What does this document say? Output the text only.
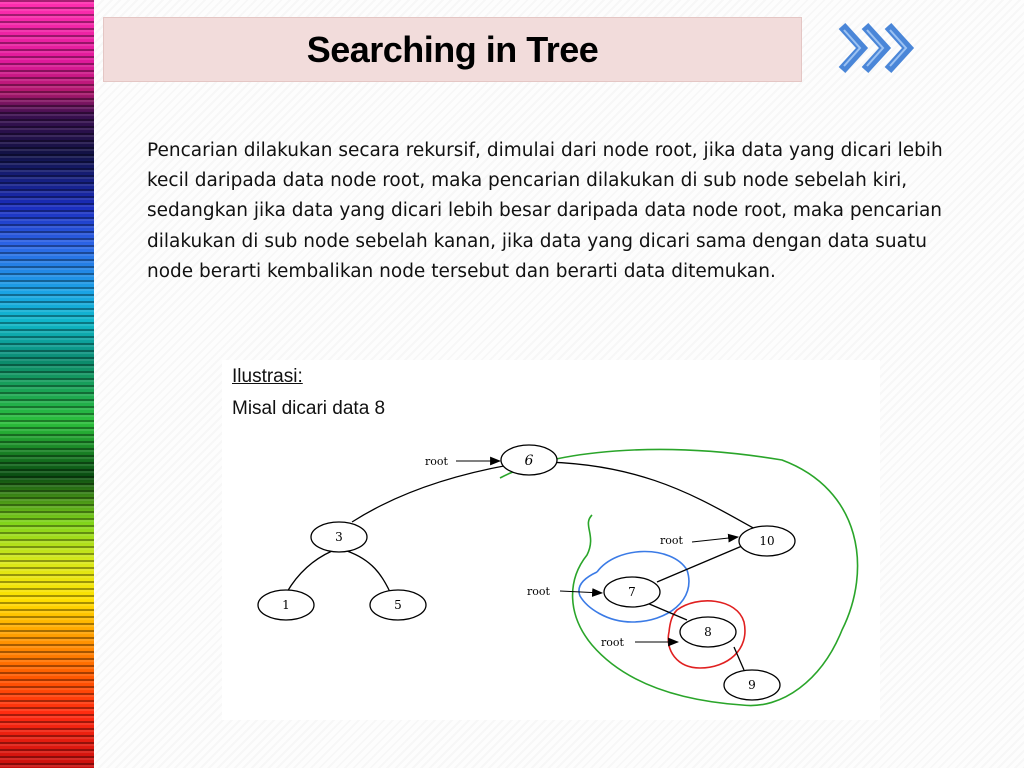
Searching in Tree

Pencarian dilakukan secara rekursif, dimulai dari node root, jika data yang dicari lebih kecil daripada data node root, maka pencarian dilakukan di sub node sebelah kiri, sedangkan jika data yang dicari lebih besar daripada data node root, maka pencarian dilakukan di sub node sebelah kanan, jika data yang dicari sama dengan data suatu node berarti kembalikan node tersebut dan berarti data ditemukan.

Ilustrasi:

Misal dicari data 8

root
root
root
root
6
3	10
1	5
7
8
9
